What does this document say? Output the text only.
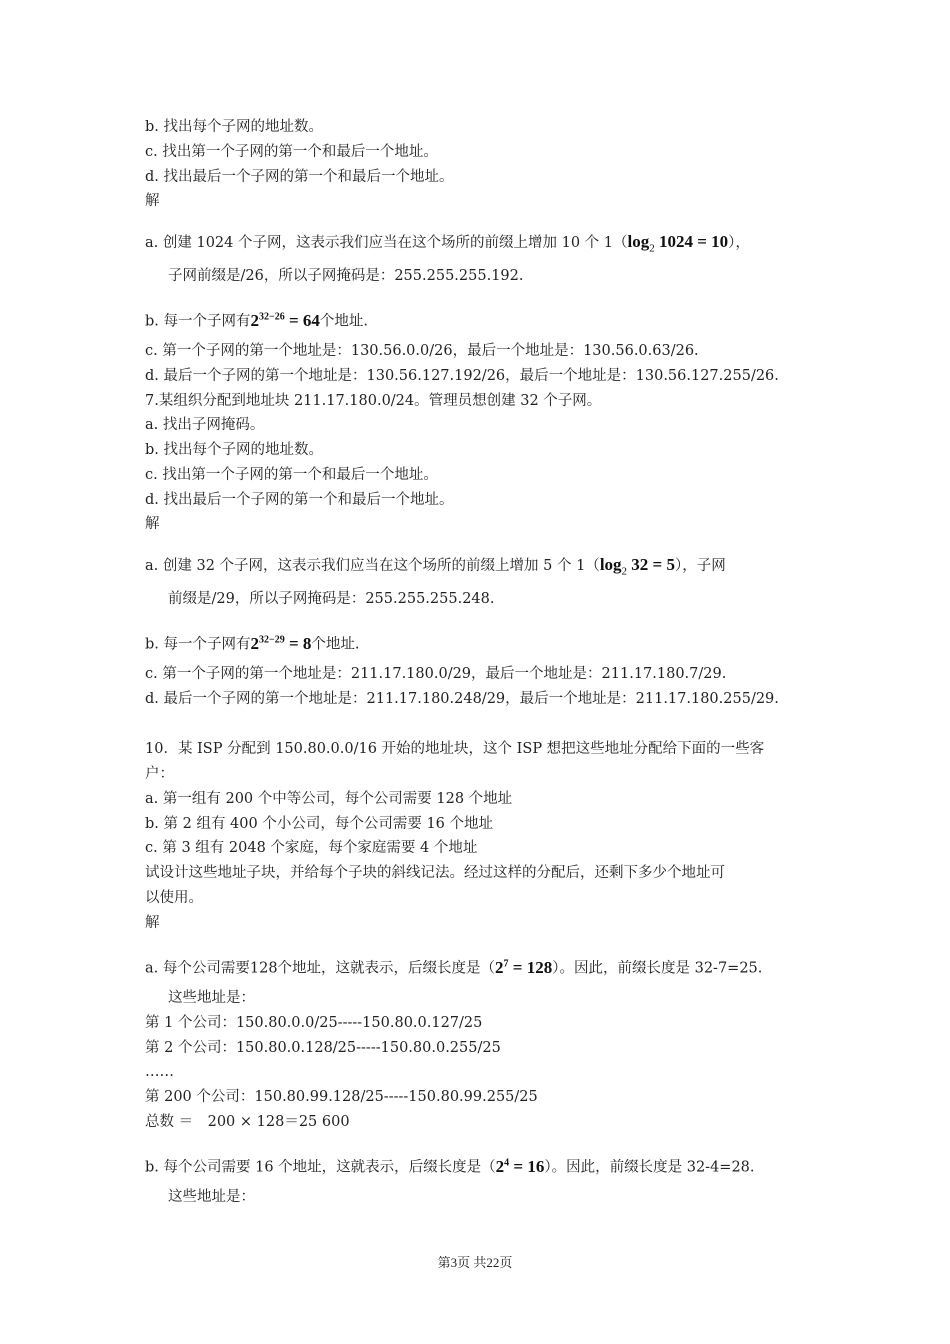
b. 找出每个子网的地址数。
c. 找出第一个子网的第一个和最后一个地址。
d. 找出最后一个子网的第一个和最后一个地址。
解
a. 创建 1024 个子网，这表示我们应当在这个场所的前缀上增加 10 个 $1(\log_2$ 1024 = 10），
子网前缀是/26，所以子网掩码是：255.255.255.192.
b. 每一个子网有$2^{32-26} = 64$个地址.
c. 第一个子网的第一个地址是：130.56.0.0/26，最后一个地址是：130.56.0.63/26.
d. 最后一个子网的第一个地址是：130.56.127.192/26，最后一个地址是：130.56.127.255/26.
7.某组织分配到地址块 211.17.180.0/24。管理员想创建 32 个子网。
a. 找出子网掩码。
b. 找出每个子网的地址数。
c. 找出第一个子网的第一个和最后一个地址。
d. 找出最后一个子网的第一个和最后一个地址。
解
a. 创建 32 个子网，这表示我们应当在这个场所的前缀上增加 5 个 $1(\log_2$ 32 = 5），子网
前缀是/29，所以子网掩码是：255.255.255.248.
b. 每一个子网有$2^{32-29} = 8$个地址.
c. 第一个子网的第一个地址是：211.17.180.0/29，最后一个地址是：211.17.180.7/29.
d. 最后一个子网的第一个地址是：211.17.180.248/29，最后一个地址是：211.17.180.255/29.
10．某 ISP 分配到 150.80.0.0/16 开始的地址块，这个 ISP 想把这些地址分配给下面的一些客
户：
a. 第一组有 200 个中等公司，每个公司需要 128 个地址
b. 第 2 组有 400 个小公司，每个公司需要 16 个地址
c. 第 3 组有 2048 个家庭，每个家庭需要 4 个地址
试设计这些地址子块，并给每个子块的斜线记法。经过这样的分配后，还剩下多少个地址可
以使用。
解
a. 每个公司需要128个地址，这就表示，后缀长度是$(2^7 = 128)$。因此，前缀长度是 32-7=25.
这些地址是：
第 1 个公司：150.80.0.0/25-----150.80.0.127/25
第 2 个公司：150.80.0.128/25-----150.80.0.255/25
……
第 200 个公司：150.80.99.128/25-----150.80.99.255/25
总数 ＝　200 × 128＝25 600
b. 每个公司需要 16 个地址，这就表示，后缀长度是$(2^4 = 16)$。因此，前缀长度是 32-4=28.
这些地址是：
第3页 共22页
